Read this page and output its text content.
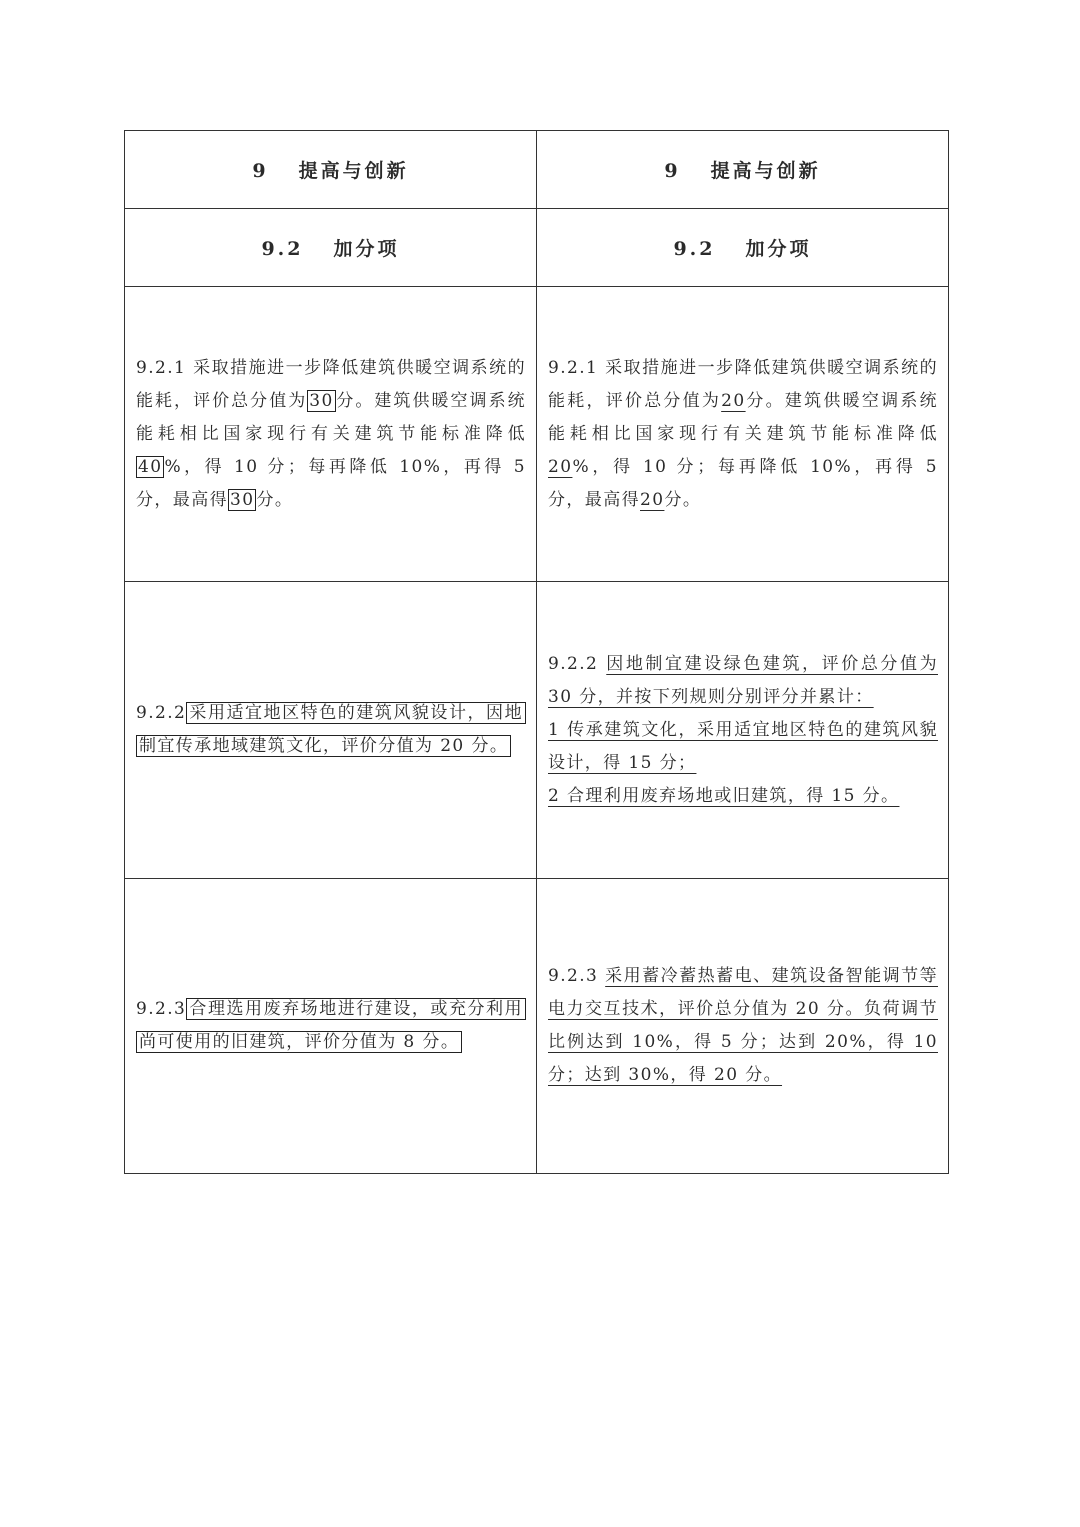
9 提高与创新	9 提高与创新
9.2 加分项	9.2 加分项

9.2.1 采取措施进一步降低建筑供暖空调系统的能耗，评价总分值为 30 分。建筑供暖空调系统能耗相比国家现行有关建筑节能标准降低40 %，得 10 分；每再降低 10%，再得 5 分，最高得 30 分。	9.2.1 采取措施进一步降低建筑供暖空调系统的能耗，评价总分值为20分。建筑供暖空调系统能耗相比国家现行有关建筑节能标准降低20%，得 10 分；每再降低 10%，再得 5 分，最高得20分。

9.2.2 采用适宜地区特色的建筑风貌设计，因地制宜传承地域建筑文化，评价分值为 20 分。	9.2.2 因地制宜建设绿色建筑，评价总分值为 30 分，并按下列规则分别评分并累计：
1 传承建筑文化，采用适宜地区特色的建筑风貌设计，得 15 分；
2 合理利用废弃场地或旧建筑，得 15 分。

9.2.3 合理选用废弃场地进行建设，或充分利用尚可使用的旧建筑，评价分值为 8 分。	9.2.3 采用蓄冷蓄热蓄电、建筑设备智能调节等电力交互技术，评价总分值为 20 分。负荷调节比例达到 10%，得 5 分；达到 20%，得 10 分；达到 30%，得 20 分。
